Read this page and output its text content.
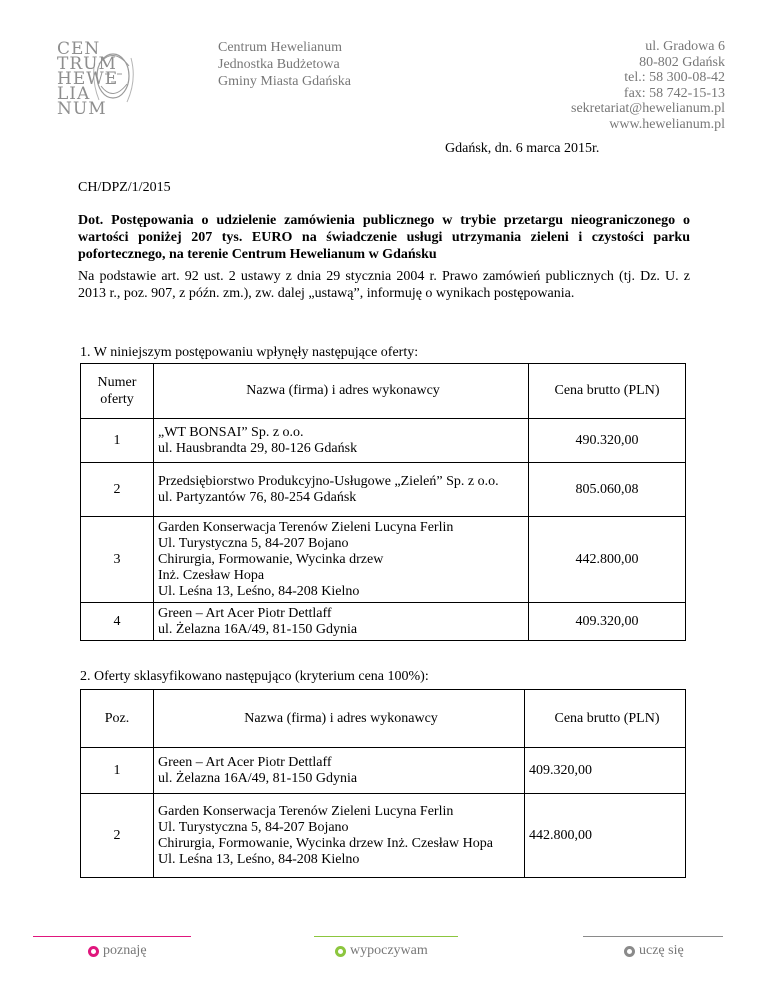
CEN
TRUM
HEWE
LIA
NUM
Centrum Hewelianum
Jednostka Budżetowa
Gminy Miasta Gdańska
ul. Gradowa 6
80-802 Gdańsk
tel.: 58 300-08-42
fax: 58 742-15-13
sekretariat@hewelianum.pl
www.hewelianum.pl
Gdańsk, dn. 6 marca 2015r.
CH/DPZ/1/2015
Dot. Postępowania o udzielenie zamówienia publicznego w trybie przetargu nieograniczonego o wartości poniżej 207 tys. EURO na świadczenie usługi utrzymania zieleni i czystości parku pofortecznego, na terenie Centrum Hewelianum w Gdańsku
Na podstawie art. 92 ust. 2 ustawy z dnia 29 stycznia 2004 r. Prawo zamówień publicznych (tj. Dz. U. z 2013 r., poz. 907, z późn. zm.), zw. dalej „ustawą”, informuję o wynikach postępowania.
1. W niniejszym postępowaniu wpłynęły następujące oferty:
Numer oferty	Nazwa (firma) i adres wykonawcy	Cena brutto (PLN)
1	„WT BONSAI” Sp. z o.o.
ul. Hausbrandta 29, 80-126 Gdańsk	490.320,00
2	Przedsiębiorstwo Produkcyjno-Usługowe „Zieleń” Sp. z o.o.
ul. Partyzantów 76, 80-254 Gdańsk	805.060,08
3	Garden Konserwacja Terenów Zieleni Lucyna Ferlin
Ul. Turystyczna 5, 84-207 Bojano
Chirurgia, Formowanie, Wycinka drzew
Inż. Czesław Hopa
Ul. Leśna 13, Leśno, 84-208 Kielno	442.800,00
4	Green – Art Acer Piotr Dettlaff
ul. Żelazna 16A/49, 81-150 Gdynia	409.320,00
2. Oferty sklasyfikowano następująco (kryterium cena 100%):
Poz.	Nazwa (firma) i adres wykonawcy	Cena brutto (PLN)
1	Green – Art Acer Piotr Dettlaff
ul. Żelazna 16A/49, 81-150 Gdynia	409.320,00
2	Garden Konserwacja Terenów Zieleni Lucyna Ferlin
Ul. Turystyczna 5, 84-207 Bojano
Chirurgia, Formowanie, Wycinka drzew Inż. Czesław Hopa
Ul. Leśna 13, Leśno, 84-208 Kielno	442.800,00
poznaję	wypoczywam	uczę się
